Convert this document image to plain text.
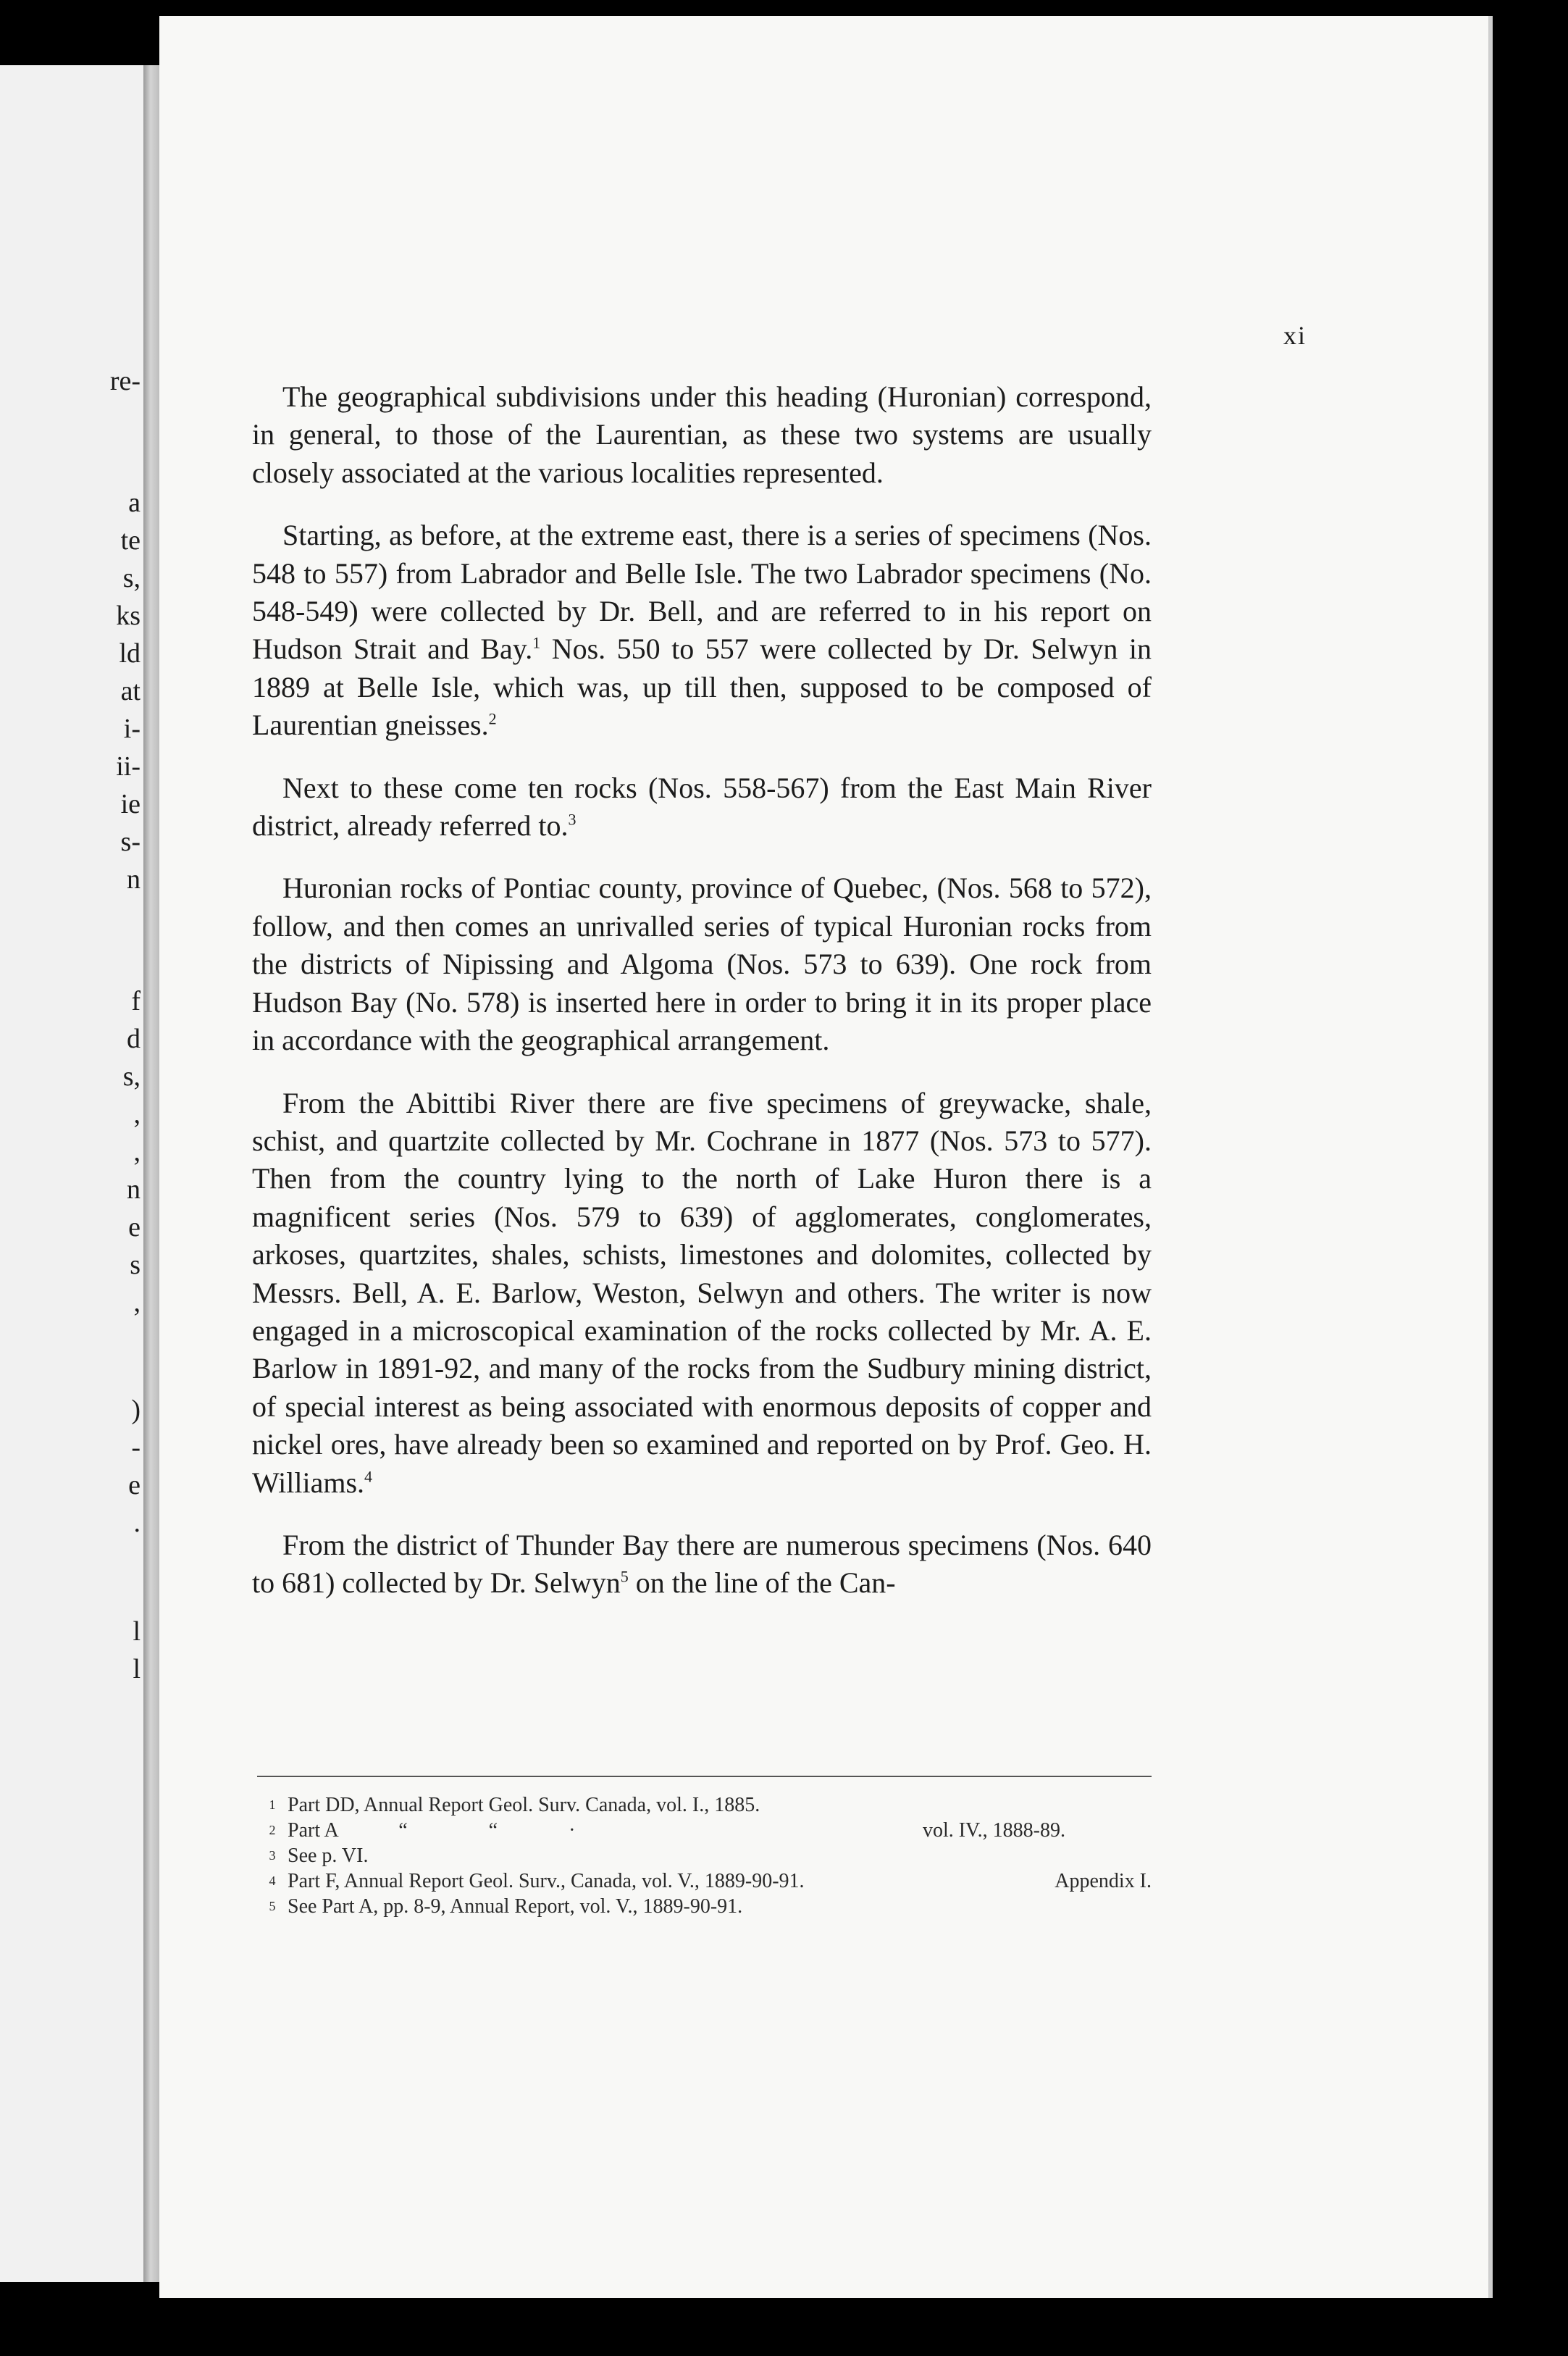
re-
a
te
s,
ks
ld
at
i-
ii-
ie
s-
n
f
d
s,
,
,
n
e
s
,
)
-
e
.
l
l
xi

The geographical subdivisions under this heading (Huronian) correspond, in general, to those of the Laurentian, as these two systems are usually closely associated at the various localities represented.

Starting, as before, at the extreme east, there is a series of specimens (Nos. 548 to 557) from Labrador and Belle Isle. The two Labrador specimens (No. 548-549) were collected by Dr. Bell, and are referred to in his report on Hudson Strait and Bay.$^1$ Nos. 550 to 557 were collected by Dr. Selwyn in 1889 at Belle Isle, which was, up till then, supposed to be composed of Laurentian gneisses.$^2$

Next to these come ten rocks (Nos. 558-567) from the East Main River district, already referred to.$^3$

Huronian rocks of Pontiac county, province of Quebec, (Nos. 568 to 572), follow, and then comes an unrivalled series of typical Huronian rocks from the districts of Nipissing and Algoma (Nos. 573 to 639). One rock from Hudson Bay (No. 578) is inserted here in order to bring it in its proper place in accordance with the geographical arrangement.

From the Abittibi River there are five specimens of greywacke, shale, schist, and quartzite collected by Mr. Cochrane in 1877 (Nos. 573 to 577). Then from the country lying to the north of Lake Huron there is a magnificent series (Nos. 579 to 639) of agglomerates, conglomerates, arkoses, quartzites, shales, schists, limestones and dolomites, collected by Messrs. Bell, A. E. Barlow, Weston, Selwyn and others. The writer is now engaged in a microscopical examination of the rocks collected by Mr. A. E. Barlow in 1891-92, and many of the rocks from the Sudbury mining district, of special interest as being associated with enormous deposits of copper and nickel ores, have already been so examined and reported on by Prof. Geo. H. Williams.$^4$

From the district of Thunder Bay there are numerous specimens (Nos. 640 to 681) collected by Dr. Selwyn$^5$ on the line of the Can-

1 Part DD, Annual Report Geol. Surv. Canada, vol. I., 1885.
2 Part A            “                “              ·	vol. IV., 1888-89.
3 See p. VI.
4 Part F, Annual Report Geol. Surv., Canada, vol. V., 1889-90-91.	Appendix I.
5 See Part A, pp. 8-9, Annual Report, vol. V., 1889-90-91.
